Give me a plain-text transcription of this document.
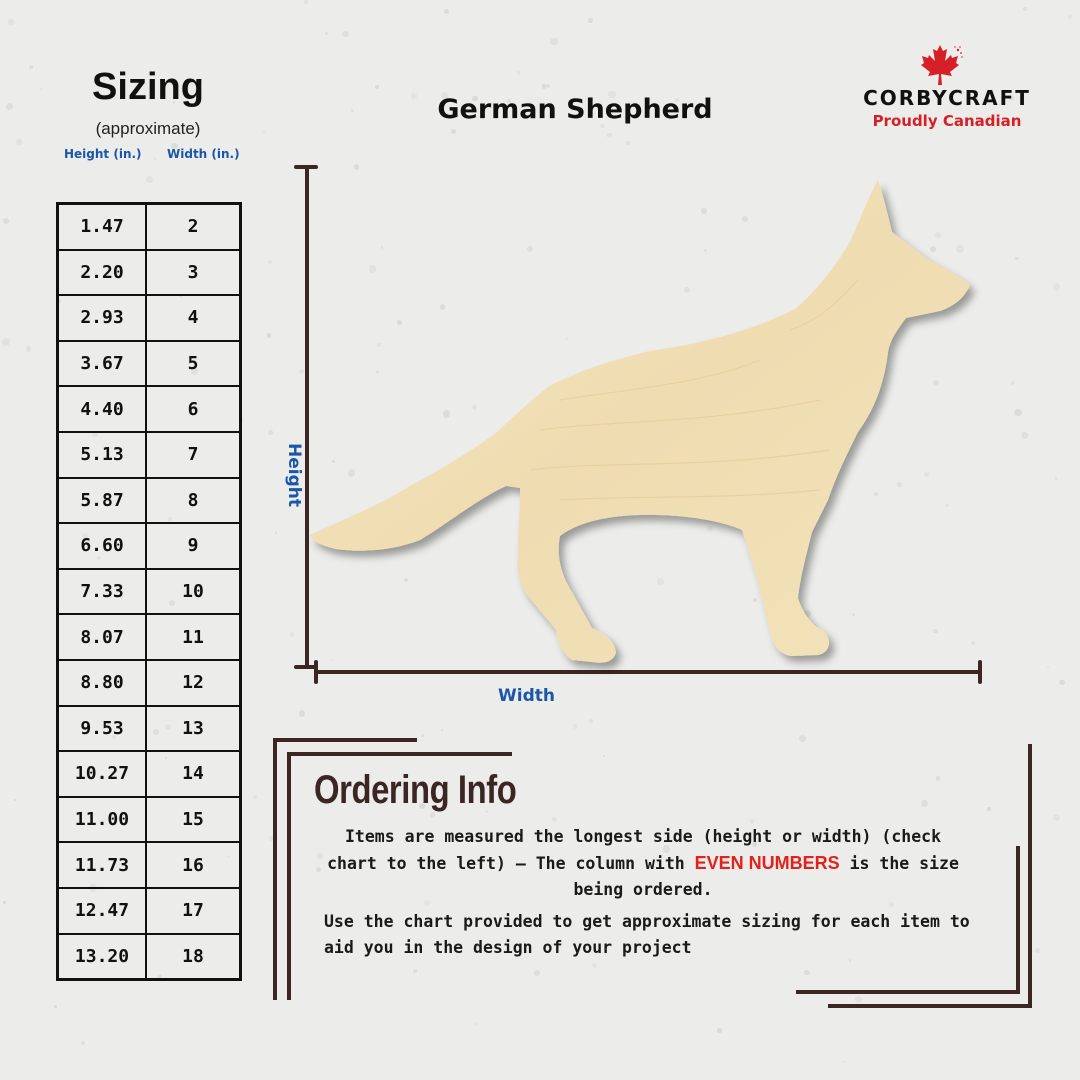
Sizing
(approximate)
Height (in.) Width (in.)
1.47	2
2.20	3
2.93	4
3.67	5
4.40	6
5.13	7
5.87	8
6.60	9
7.33	10
8.07	11
8.80	12
9.53	13
10.27	14
11.00	15
11.73	16
12.47	17
13.20	18
German Shepherd	CORBYCRAFT
Proudly Canadian
Height
Width
Ordering Info
Items are measured the longest side (height or width) (check chart to the left) – The column with EVEN NUMBERS is the size being ordered.
Use the chart provided to get approximate sizing for each item to aid you in the design of your project
